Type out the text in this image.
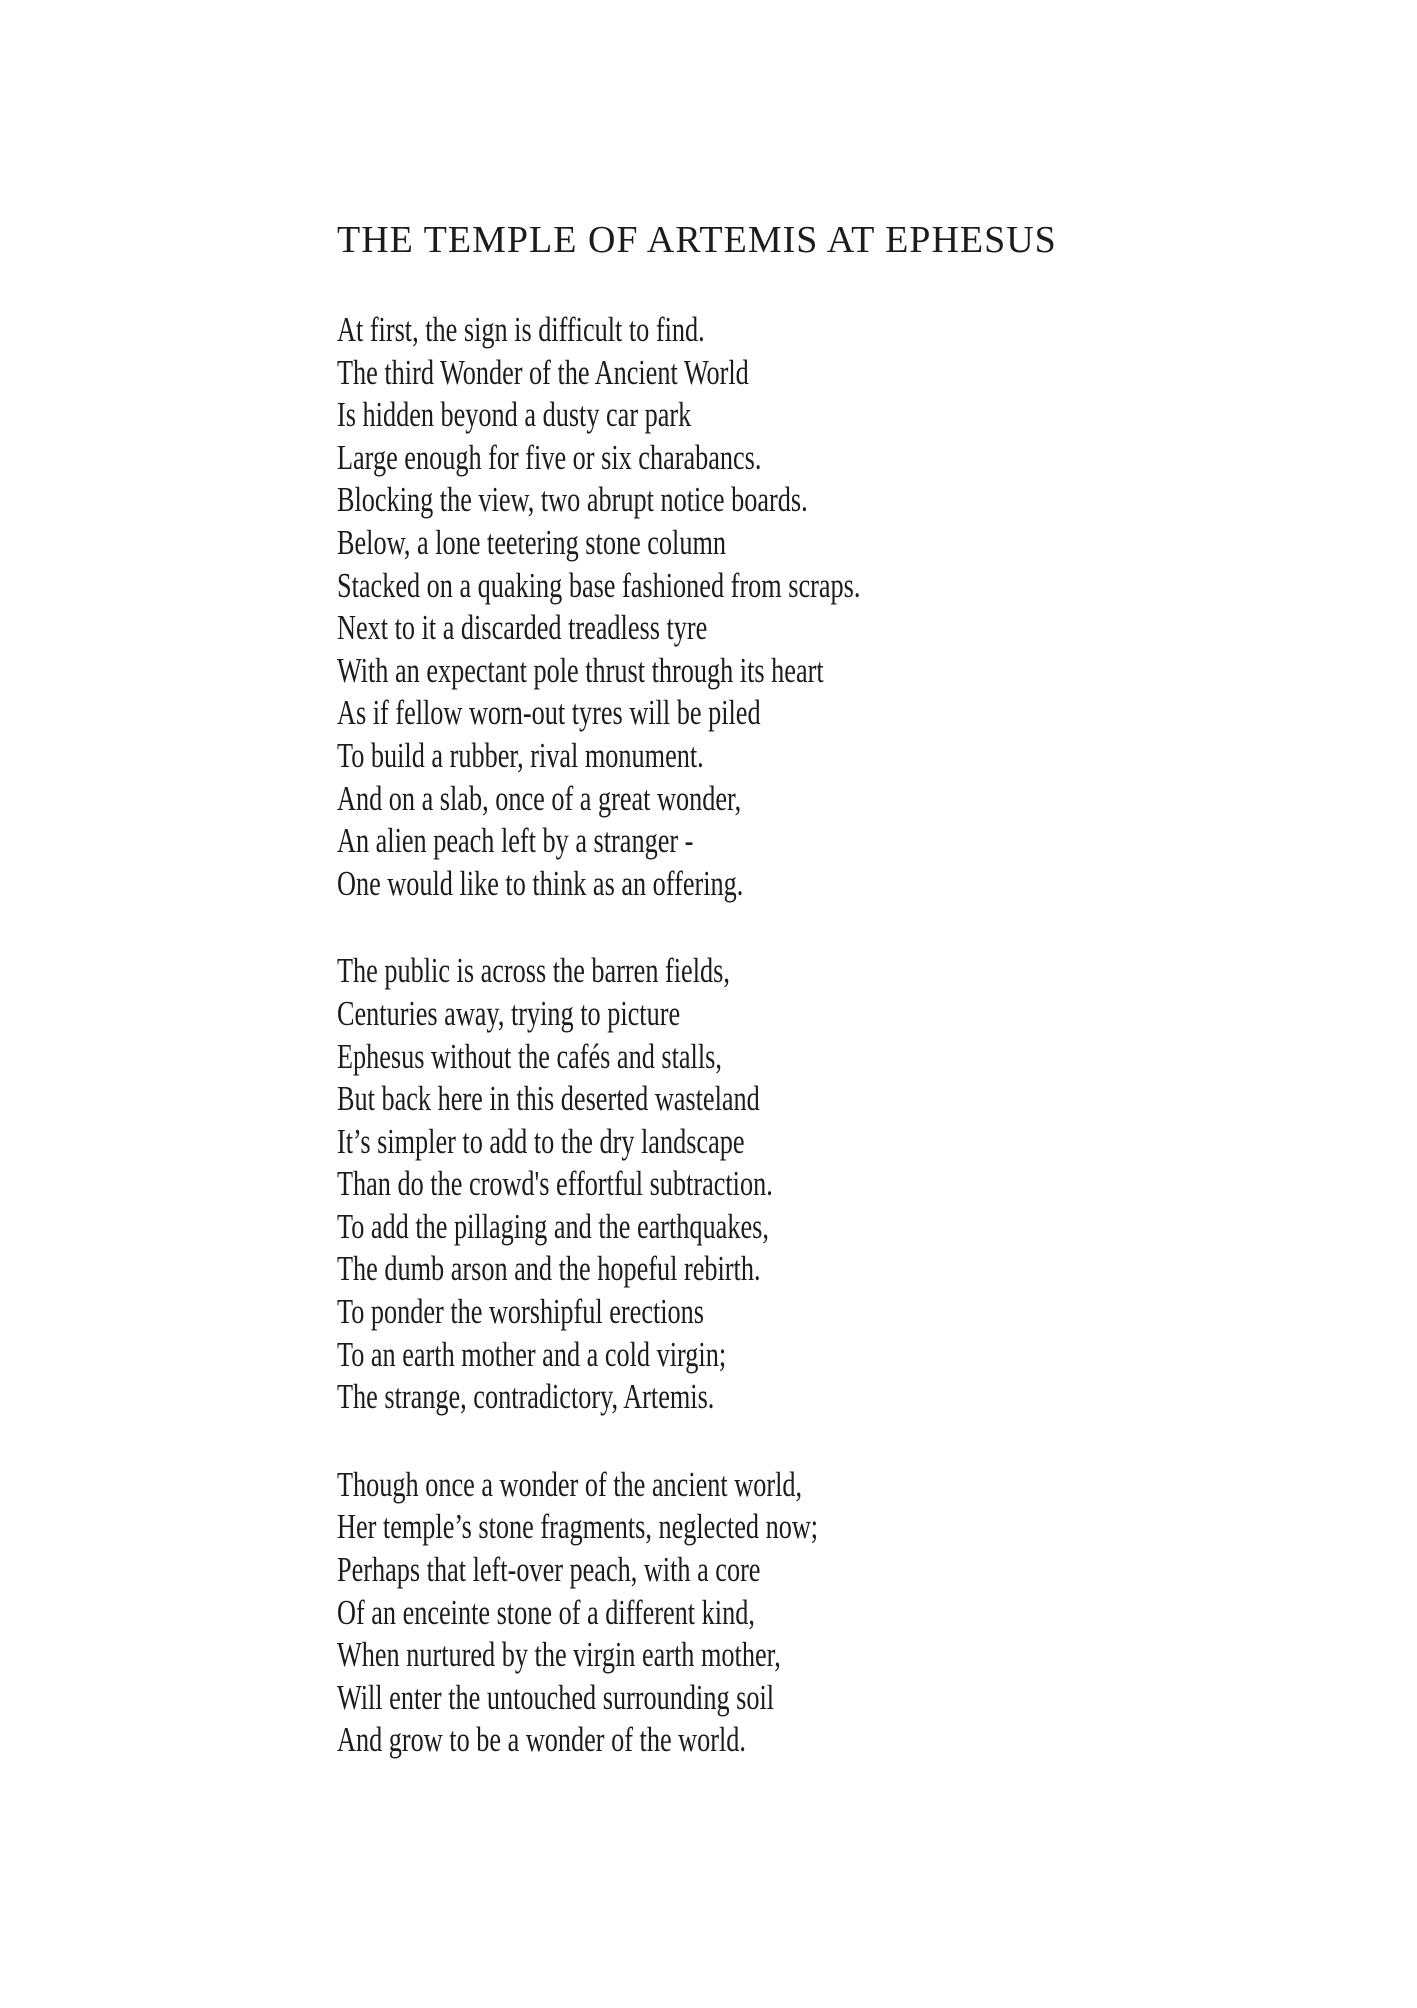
THE TEMPLE OF ARTEMIS AT EPHESUS
At first, the sign is difficult to find.
The third Wonder of the Ancient World
Is hidden beyond a dusty car park
Large enough for five or six charabancs.
Blocking the view, two abrupt notice boards.
Below, a lone teetering stone column
Stacked on a quaking base fashioned from scraps.
Next to it a discarded treadless tyre
With an expectant pole thrust through its heart
As if fellow worn-out tyres will be piled
To build a rubber, rival monument.
And on a slab, once of a great wonder,
An alien peach left by a stranger -
One would like to think as an offering.
The public is across the barren fields,
Centuries away, trying to picture
Ephesus without the cafés and stalls,
But back here in this deserted wasteland
It’s simpler to add to the dry landscape
Than do the crowd's effortful subtraction.
To add the pillaging and the earthquakes,
The dumb arson and the hopeful rebirth.
To ponder the worshipful erections
To an earth mother and a cold virgin;
The strange, contradictory, Artemis.
Though once a wonder of the ancient world,
Her temple’s stone fragments, neglected now;
Perhaps that left-over peach, with a core
Of an enceinte stone of a different kind,
When nurtured by the virgin earth mother,
Will enter the untouched surrounding soil
And grow to be a wonder of the world.
